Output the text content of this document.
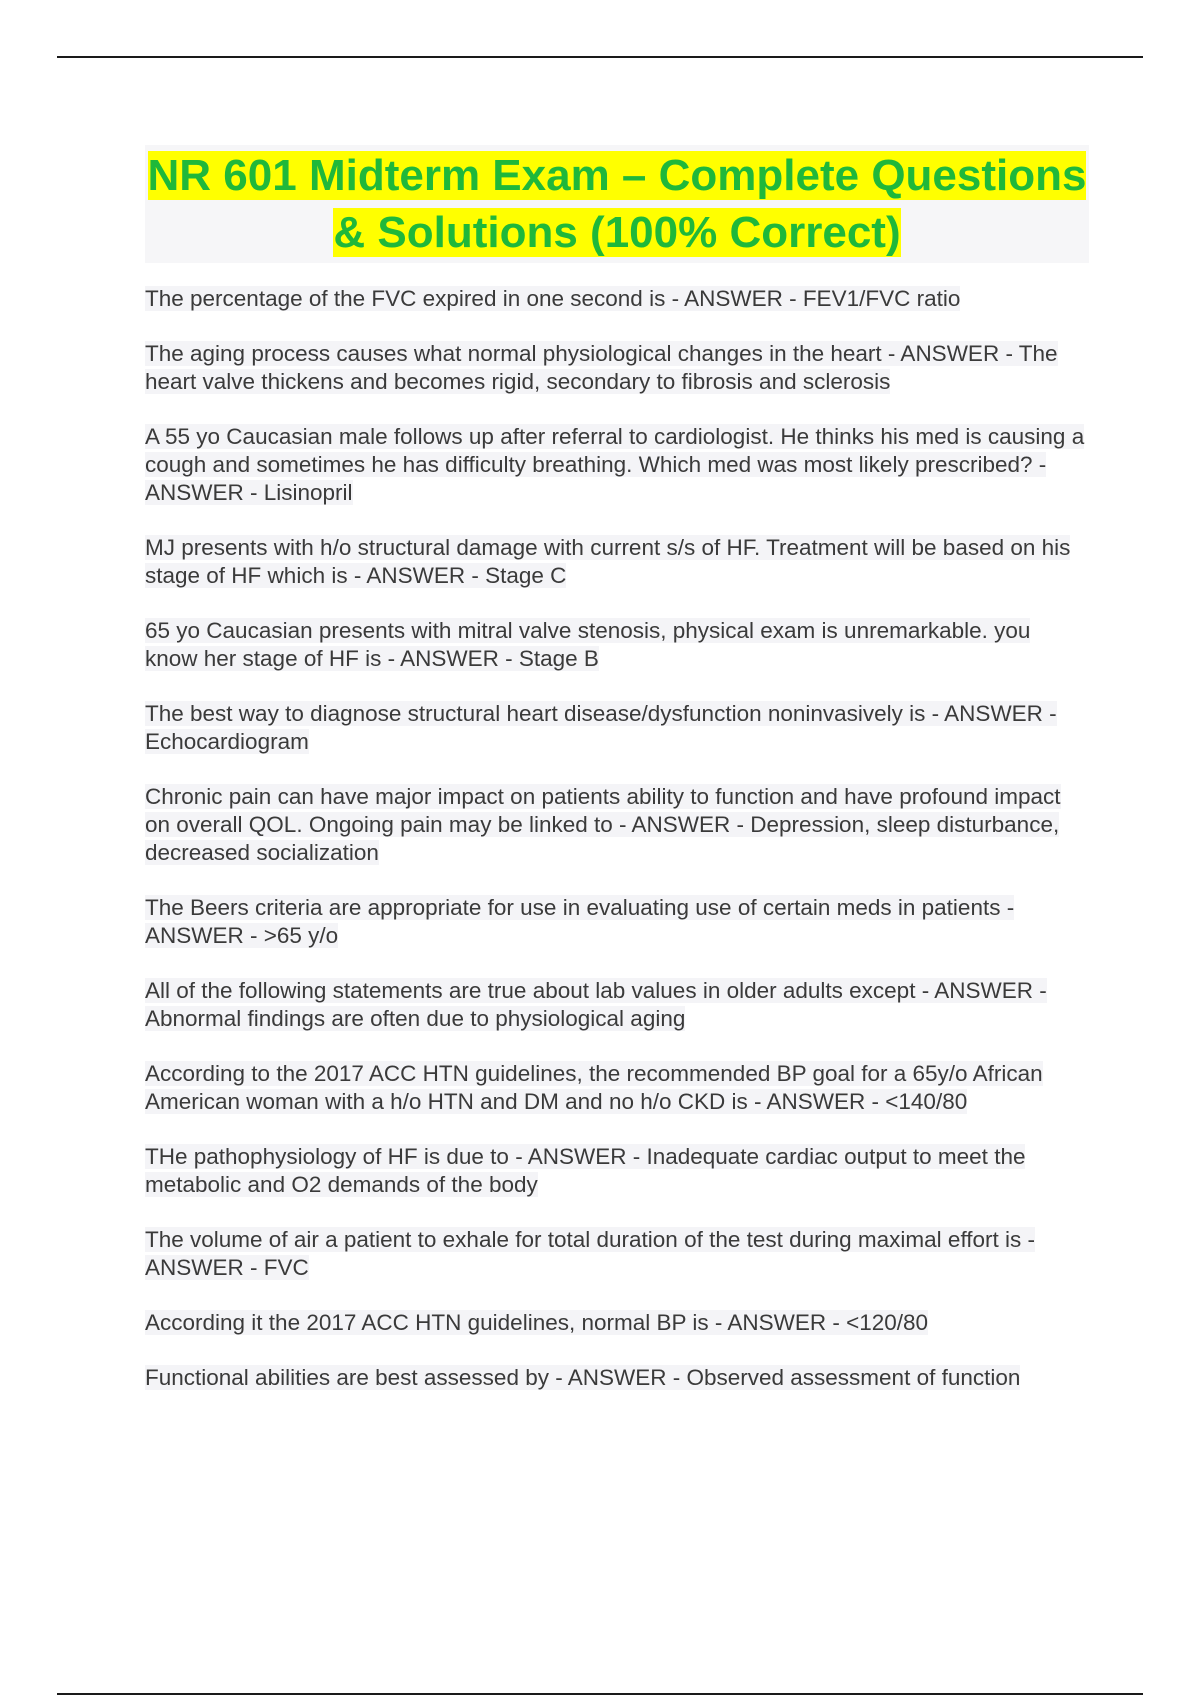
NR 601 Midterm Exam – Complete Questions & Solutions (100% Correct)
The percentage of the FVC expired in one second is - ANSWER - FEV1/FVC ratio
The aging process causes what normal physiological changes in the heart - ANSWER - The heart valve thickens and becomes rigid, secondary to fibrosis and sclerosis
A 55 yo Caucasian male follows up after referral to cardiologist. He thinks his med is causing a cough and sometimes he has difficulty breathing. Which med was most likely prescribed? - ANSWER - Lisinopril
MJ presents with h/o structural damage with current s/s of HF. Treatment will be based on his stage of HF which is - ANSWER - Stage C
65 yo Caucasian presents with mitral valve stenosis, physical exam is unremarkable. you know her stage of HF is - ANSWER - Stage B
The best way to diagnose structural heart disease/dysfunction noninvasively is - ANSWER - Echocardiogram
Chronic pain can have major impact on patients ability to function and have profound impact on overall QOL. Ongoing pain may be linked to - ANSWER - Depression, sleep disturbance, decreased socialization
The Beers criteria are appropriate for use in evaluating use of certain meds in patients - ANSWER - >65 y/o
All of the following statements are true about lab values in older adults except - ANSWER - Abnormal findings are often due to physiological aging
According to the 2017 ACC HTN guidelines, the recommended BP goal for a 65y/o African American woman with a h/o HTN and DM and no h/o CKD is - ANSWER - <140/80
THe pathophysiology of HF is due to - ANSWER - Inadequate cardiac output to meet the metabolic and O2 demands of the body
The volume of air a patient to exhale for total duration of the test during maximal effort is - ANSWER - FVC
According it the 2017 ACC HTN guidelines, normal BP is - ANSWER - <120/80
Functional abilities are best assessed by - ANSWER - Observed assessment of function
